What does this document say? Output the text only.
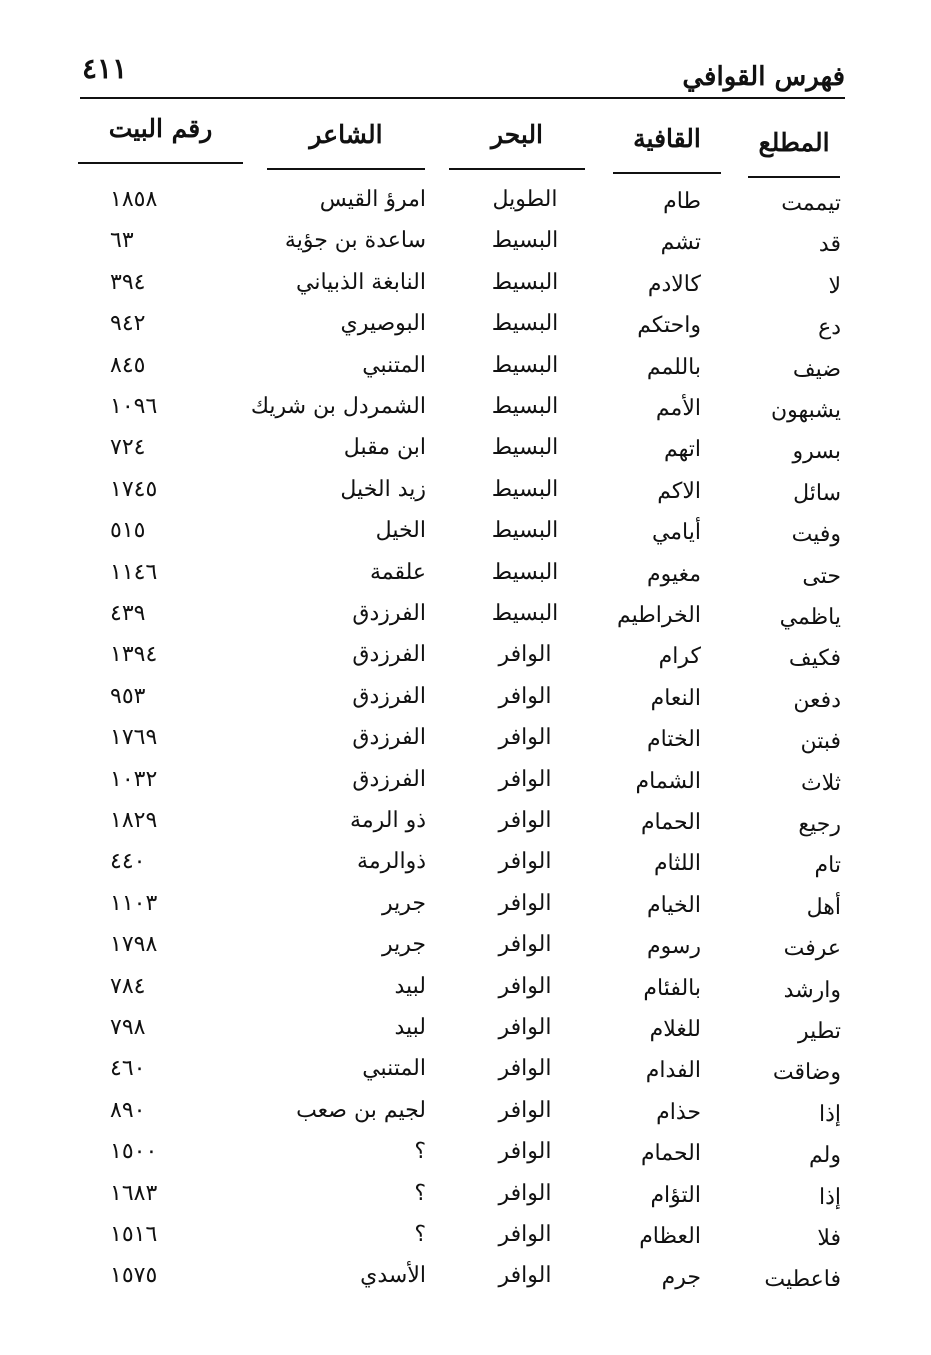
٤١١	فهرس القوافي
المطلع
القافية
البحر
الشاعر
رقم البيت
تيممت
طام
الطويل
امرؤ القيس
١٨٥٨
قد
تشم
البسيط
ساعدة بن جؤية
٦٣
لا
كالادم
البسيط
النابغة الذبياني
٣٩٤
دع
واحتكم
البسيط
البوصيري
٩٤٢
ضيف
باللمم
البسيط
المتنبي
٨٤٥
يشبهون
الأمم
البسيط
الشمردل بن شريك
١٠٩٦
بسرو
اتهم
البسيط
ابن مقبل
٧٢٤
سائل
الاكم
البسيط
زيد الخيل
١٧٤٥
وفيت
أيامي
البسيط
الخيل
٥١٥
حتى
مغيوم
البسيط
علقمة
١١٤٦
ياظمي
الخراطيم
البسيط
الفرزدق
٤٣٩
فكيف
كرام
الوافر
الفرزدق
١٣٩٤
دفعن
النعام
الوافر
الفرزدق
٩٥٣
فبتن
الختام
الوافر
الفرزدق
١٧٦٩
ثلاث
الشمام
الوافر
الفرزدق
١٠٣٢
رجيع
الحمام
الوافر
ذو الرمة
١٨٢٩
تام
اللثام
الوافر
ذوالرمة
٤٤٠
أهل
الخيام
الوافر
جرير
١١٠٣
عرفت
رسوم
الوافر
جرير
١٧٩٨
وارشد
بالفئام
الوافر
لبيد
٧٨٤
تطير
للغلام
الوافر
لبيد
٧٩٨
وضاقت
الفدام
الوافر
المتنبي
٤٦٠
إذا
حذام
الوافر
لجيم بن صعب
٨٩٠
ولم
الحمام
الوافر
؟
١٥٠٠
إذا
التؤام
الوافر
؟
١٦٨٣
فلا
العظام
الوافر
؟
١٥١٦
فاعطيت
جرم
الوافر
الأسدي
١٥٧٥
